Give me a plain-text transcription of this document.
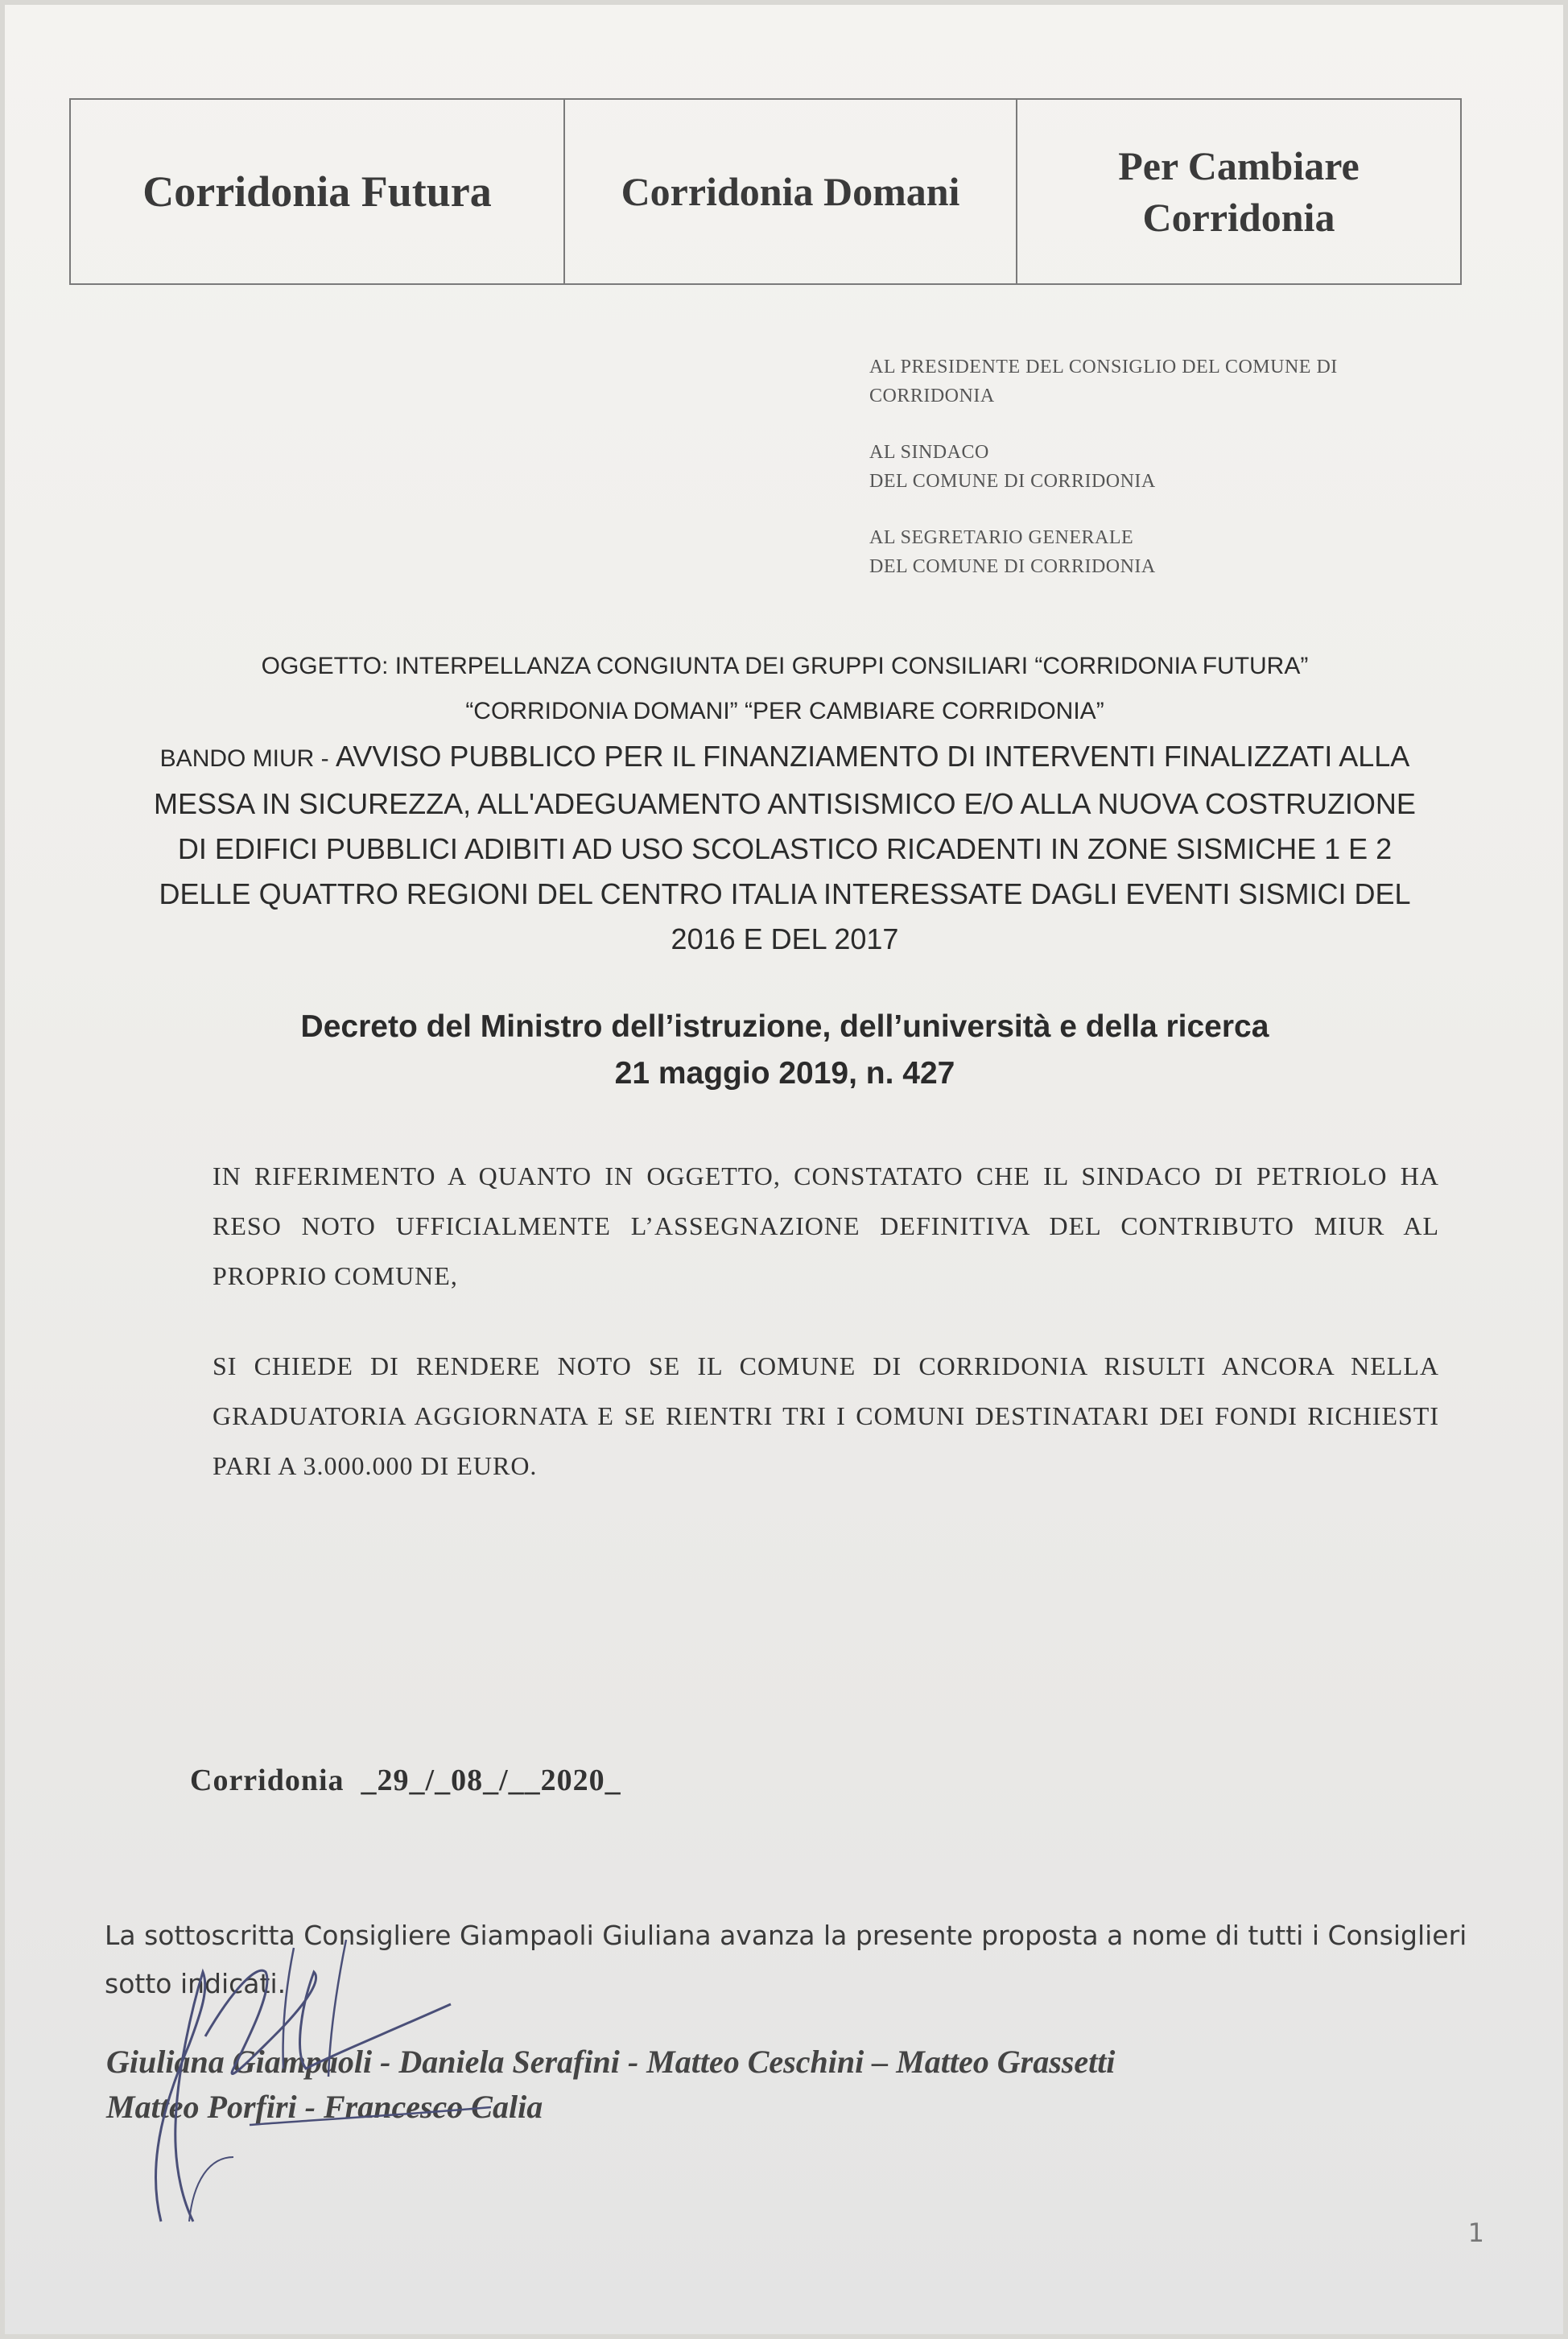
Corridonia Futura	Corridonia Domani
Per Cambiare
Corridonia
AL PRESIDENTE DEL CONSIGLIO DEL COMUNE DI
CORRIDONIA
AL SINDACO
DEL COMUNE DI CORRIDONIA
AL SEGRETARIO GENERALE
DEL COMUNE DI CORRIDONIA
OGGETTO: INTERPELLANZA CONGIUNTA DEI GRUPPI CONSILIARI “CORRIDONIA FUTURA”
“CORRIDONIA DOMANI” “PER CAMBIARE CORRIDONIA”
BANDO MIUR - AVVISO PUBBLICO PER IL FINANZIAMENTO DI INTERVENTI FINALIZZATI ALLA MESSA IN SICUREZZA, ALL'ADEGUAMENTO ANTISISMICO E/O ALLA NUOVA COSTRUZIONE DI EDIFICI PUBBLICI ADIBITI AD USO SCOLASTICO RICADENTI IN ZONE SISMICHE 1 E 2 DELLE QUATTRO REGIONI DEL CENTRO ITALIA INTERESSATE DAGLI EVENTI SISMICI DEL 2016 E DEL 2017
Decreto del Ministro dell’istruzione, dell’università e della ricerca
21 maggio 2019, n. 427
IN RIFERIMENTO A QUANTO IN OGGETTO, CONSTATATO CHE IL SINDACO DI PETRIOLO HA RESO NOTO UFFICIALMENTE L’ASSEGNAZIONE DEFINITIVA DEL CONTRIBUTO MIUR AL PROPRIO COMUNE,
SI CHIEDE DI RENDERE NOTO SE IL COMUNE DI CORRIDONIA RISULTI ANCORA NELLA GRADUATORIA AGGIORNATA E SE RIENTRI TRI I COMUNI DESTINATARI DEI FONDI RICHIESTI PARI A 3.000.000 DI EURO.
Corridonia  _29_/_08_/__2020_
La sottoscritta Consigliere Giampaoli Giuliana avanza la presente proposta a nome di tutti i Consiglieri sotto indicati.
Giuliana Giampaoli - Daniela Serafini - Matteo Ceschini – Matteo Grassetti
Matteo Porfiri - Francesco Calia
1
